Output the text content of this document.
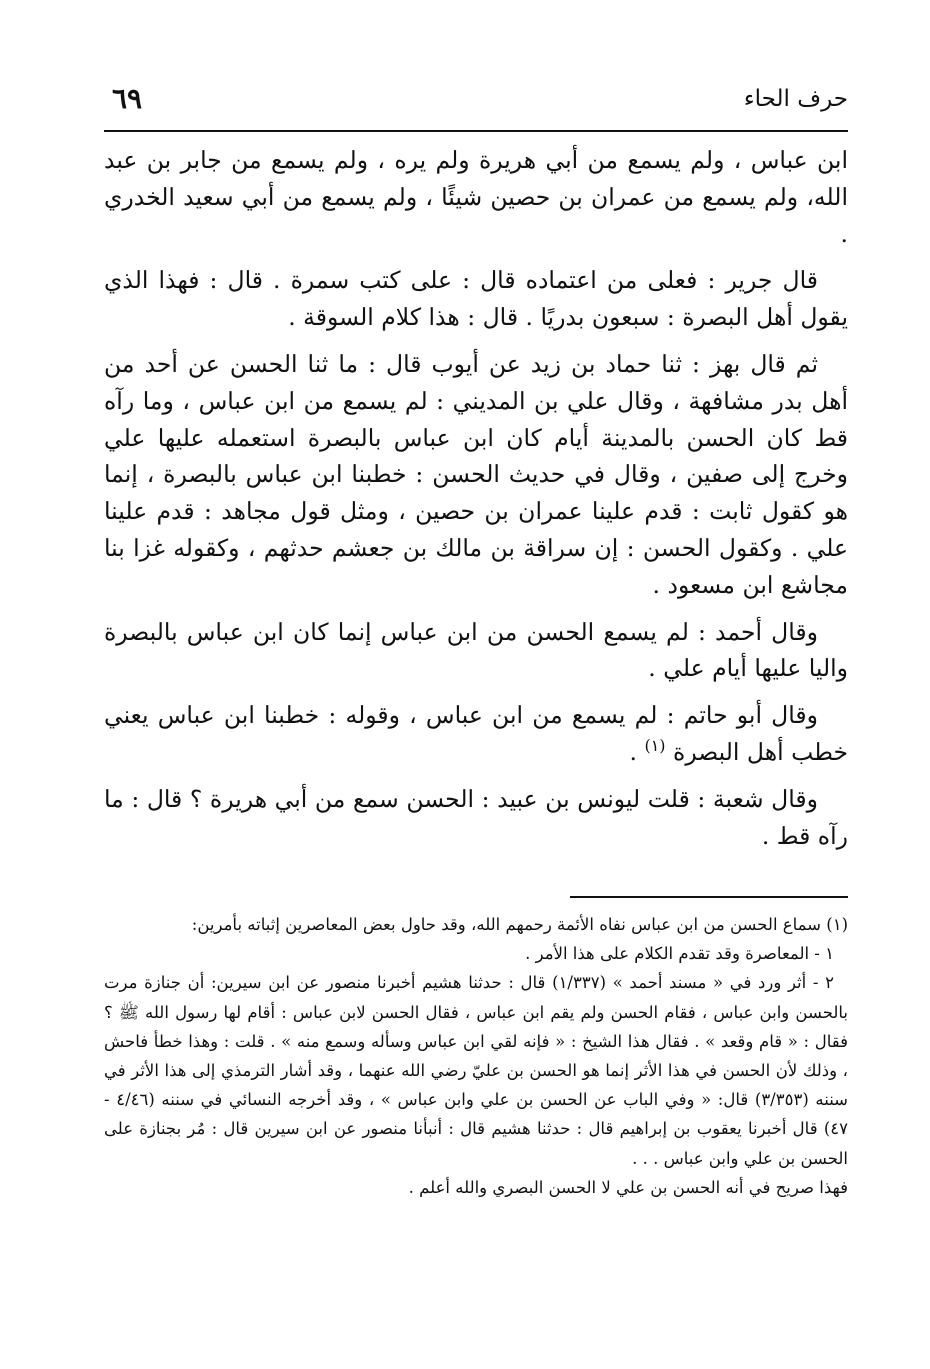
حرف الحاء
٦٩

ابن عباس ، ولم يسمع من أبي هريرة ولم يره ، ولم يسمع من جابر بن عبد الله، ولم يسمع من عمران بن حصين شيئًا ، ولم يسمع من أبي سعيد الخدري .

قال جرير : فعلى من اعتماده قال : على كتب سمرة . قال : فهذا الذي يقول أهل البصرة : سبعون بدريًا . قال : هذا كلام السوقة .

ثم قال بهز : ثنا حماد بن زيد عن أيوب قال : ما ثنا الحسن عن أحد من أهل بدر مشافهة ، وقال علي بن المديني : لم يسمع من ابن عباس ، وما رآه قط كان الحسن بالمدينة أيام كان ابن عباس بالبصرة استعمله عليها علي وخرج إلى صفين ، وقال في حديث الحسن : خطبنا ابن عباس بالبصرة ، إنما هو كقول ثابت : قدم علينا عمران بن حصين ، ومثل قول مجاهد : قدم علينا علي . وكقول الحسن : إن سراقة بن مالك بن جعشم حدثهم ، وكقوله غزا بنا مجاشع ابن مسعود .

وقال أحمد : لم يسمع الحسن من ابن عباس إنما كان ابن عباس بالبصرة واليا عليها أيام علي .

وقال أبو حاتم : لم يسمع من ابن عباس ، وقوله : خطبنا ابن عباس يعني خطب أهل البصرة $^{(١)}$ .

وقال شعبة : قلت ليونس بن عبيد : الحسن سمع من أبي هريرة ؟ قال : ما رآه قط .

(١) سماع الحسن من ابن عباس نفاه الأئمة رحمهم الله، وقد حاول بعض المعاصرين إثباته بأمرين:

١ - المعاصرة وقد تقدم الكلام على هذا الأمر .

٢ - أثر ورد في « مسند أحمد » (١/٣٣٧) قال : حدثنا هشيم أخبرنا منصور عن ابن سيرين: أن جنازة مرت بالحسن وابن عباس ، فقام الحسن ولم يقم ابن عباس ، فقال الحسن لابن عباس : أقام لها رسول الله ﷺ ؟ فقال : « قام وقعد » . فقال هذا الشيخ : « فإنه لقي ابن عباس وسأله وسمع منه » . قلت : وهذا خطأ فاحش ، وذلك لأن الحسن في هذا الأثر إنما هو الحسن بن عليّ رضي الله عنهما ، وقد أشار الترمذي إلى هذا الأثر في سننه (٣/٣٥٣) قال: « وفي الباب عن الحسن بن علي وابن عباس » ، وقد أخرجه النسائي في سننه (٤/٤٦ - ٤٧) قال أخبرنا يعقوب بن إبراهيم قال : حدثنا هشيم قال : أنبأنا منصور عن ابن سيرين قال : مُر بجنازة على الحسن بن علي وابن عباس . . .

فهذا صريح في أنه الحسن بن علي لا الحسن البصري والله أعلم .
